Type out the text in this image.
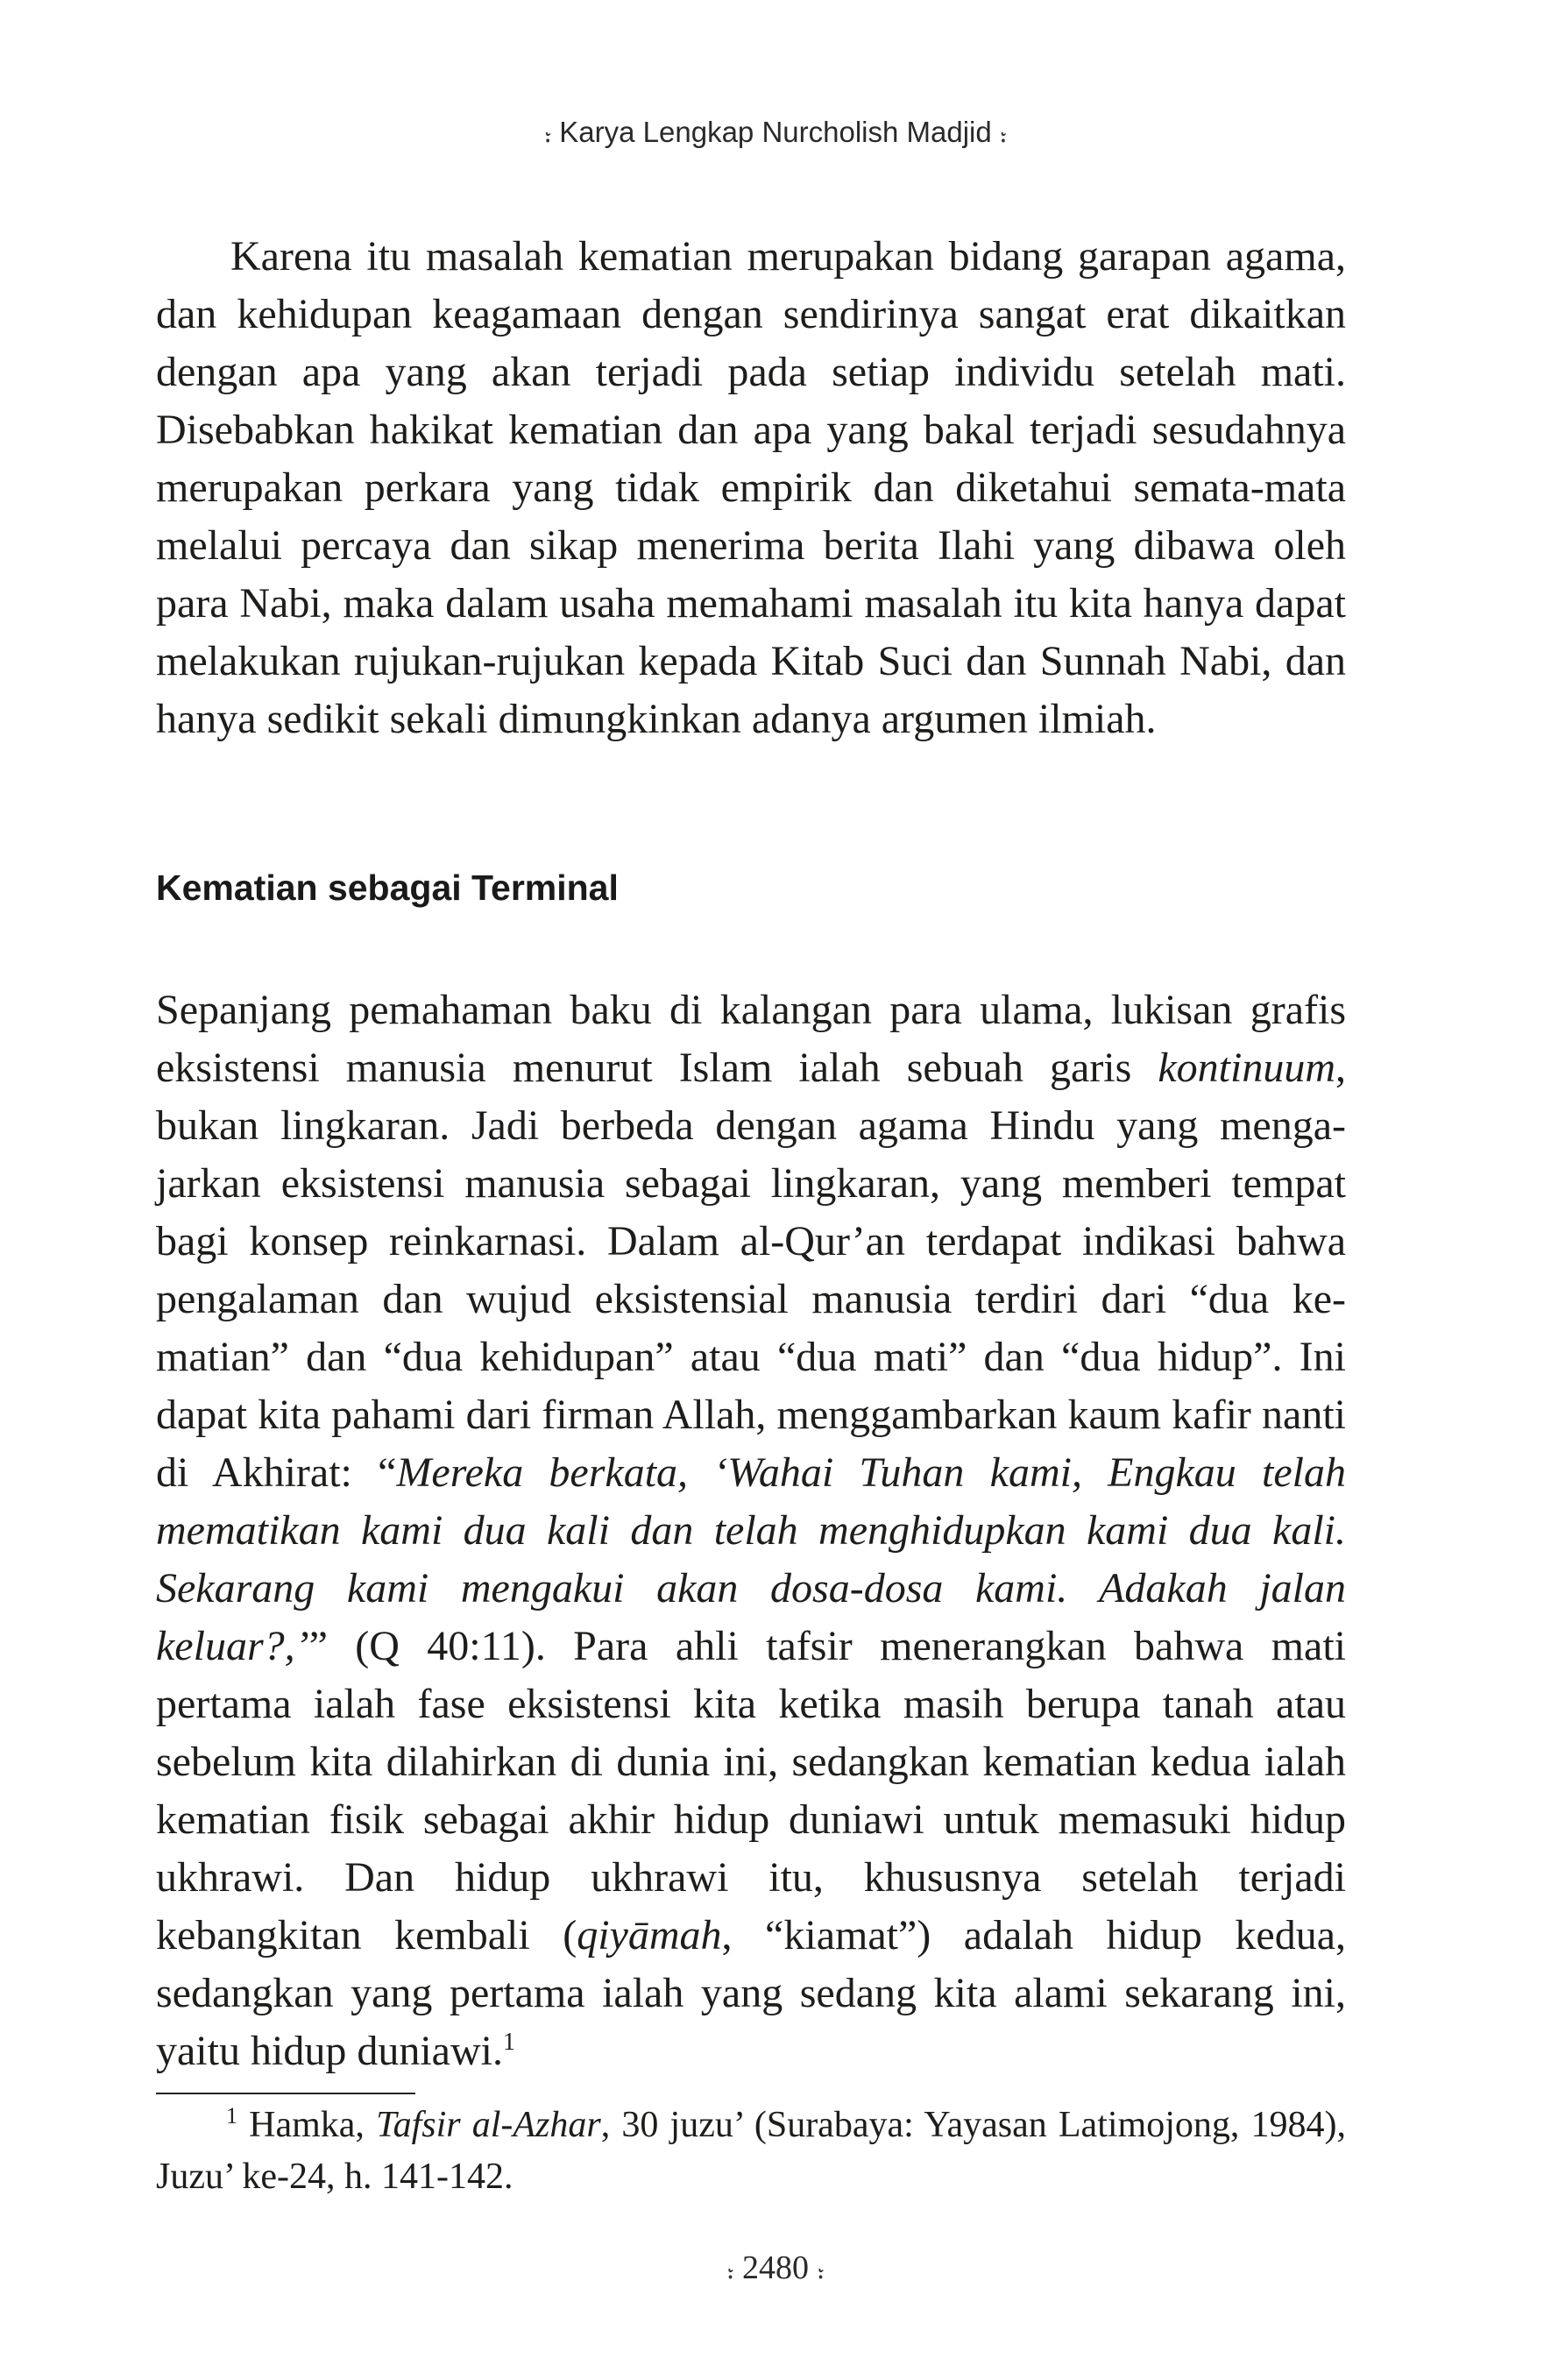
⹎ Karya Lengkap Nurcholish Madjid ⹎

Karena itu masalah kematian merupakan bidang garapan agama, dan kehidupan keagamaan dengan sendirinya sangat erat dikaitkan dengan apa yang akan terjadi pada setiap individu setelah mati. Disebabkan hakikat kematian dan apa yang bakal terjadi sesudahnya merupakan perkara yang tidak empirik dan diketahui semata-mata melalui percaya dan sikap menerima berita Ilahi yang dibawa oleh para Nabi, maka dalam usaha memahami masalah itu kita hanya dapat melakukan rujukan-rujukan kepada Kitab Suci dan Sunnah Nabi, dan hanya sedikit sekali dimungkinkan adanya argumen ilmiah.

Kematian sebagai Terminal

Sepanjang pemahaman baku di kalangan para ulama, lukisan grafis eksistensi manusia menurut Islam ialah sebuah garis kontinuum, bukan lingkaran. Jadi berbeda dengan agama Hindu yang mengajarkan eksistensi manusia sebagai lingkaran, yang memberi tempat bagi konsep reinkarnasi. Dalam al-Qur’an terdapat indikasi bahwa pengalaman dan wujud eksistensial manusia terdiri dari “dua kematian” dan “dua kehidupan” atau “dua mati” dan “dua hidup”. Ini dapat kita pahami dari firman Allah, menggambarkan kaum kafir nanti di Akhirat: “Mereka berkata, ‘Wahai Tuhan kami, Engkau telah mematikan kami dua kali dan telah menghidupkan kami dua kali. Sekarang kami mengakui akan dosa-dosa kami. Adakah jalan keluar?,’” (Q 40:11). Para ahli tafsir menerangkan bahwa mati pertama ialah fase eksistensi kita ketika masih berupa tanah atau sebelum kita dilahirkan di dunia ini, sedangkan kematian kedua ialah kematian fisik sebagai akhir hidup duniawi untuk memasuki hidup ukhrawi. Dan hidup ukhrawi itu, khususnya setelah terjadi kebangkitan kembali (qiyāmah, “kiamat”) adalah hidup kedua, sedangkan yang pertama ialah yang sedang kita alami sekarang ini, yaitu hidup duniawi.$^1$

$^1$ Hamka, Tafsir al-Azhar, 30 juzu’ (Surabaya: Yayasan Latimojong, 1984), Juzu’ ke-24, h. 141-142.

⹎ 2480 ⹎
